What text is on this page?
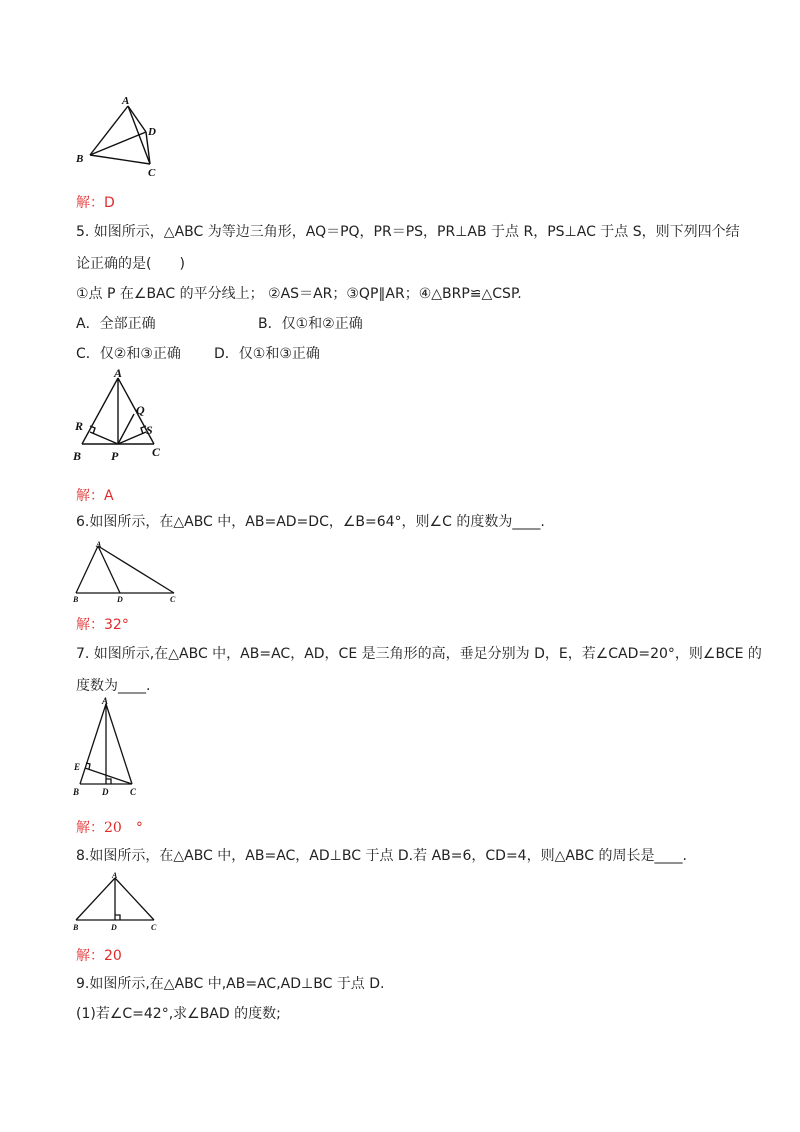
A
D
B
C
解：D
5. 如图所示，△ABC 为等边三角形，AQ＝PQ，PR＝PS，PR⊥AB 于点 R，PS⊥AC 于点 S，则下列四个结
论正确的是(　　)
①点 P 在∠BAC 的平分线上； ②AS＝AR；③QP∥AR；④△BRP≌△CSP.
A．全部正确	B．仅①和②正确
C．仅②和③正确 D．仅①和③正确
A
Q
R	S
B P	C
解：A
6.如图所示，在△ABC 中，AB=AD=DC，∠B=64°，则∠C 的度数为____.
A
B	D	C
解：32°
7. 如图所示,在△ABC 中，AB=AC，AD，CE 是三角形的高，垂足分别为 D，E，若∠CAD=20°，则∠BCE 的
度数为____.
A
E
B	D C
解：20　°
8.如图所示，在△ABC 中，AB=AC，AD⊥BC 于点 D.若 AB=6，CD=4，则△ABC 的周长是____.
A
B	D	C
解：20
9.如图所示,在△ABC 中,AB=AC,AD⊥BC 于点 D.
(1)若∠C=42°,求∠BAD 的度数;
